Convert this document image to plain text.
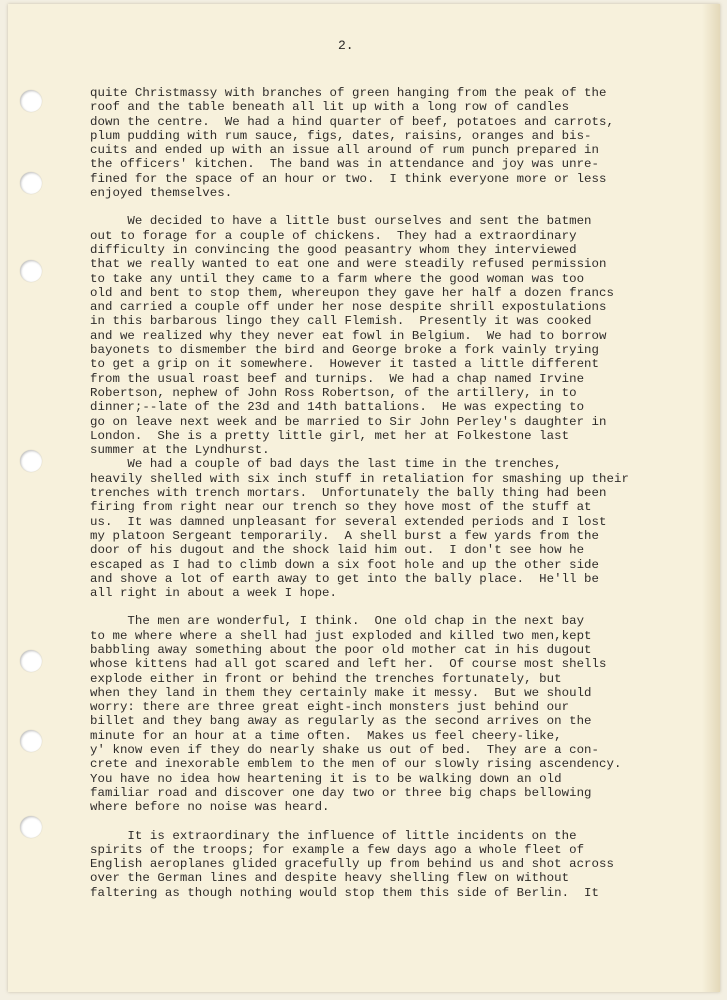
2.
quite Christmassy with branches of green hanging from the peak of the
roof and the table beneath all lit up with a long row of candles
down the centre.  We had a hind quarter of beef, potatoes and carrots,
plum pudding with rum sauce, figs, dates, raisins, oranges and bis-
cuits and ended up with an issue all around of rum punch prepared in
the officers' kitchen.  The band was in attendance and joy was unre-
fined for the space of an hour or two.  I think everyone more or less
enjoyed themselves.
We decided to have a little bust ourselves and sent the batmen
out to forage for a couple of chickens.  They had a extraordinary
difficulty in convincing the good peasantry whom they interviewed
that we really wanted to eat one and were steadily refused permission
to take any until they came to a farm where the good woman was too
old and bent to stop them, whereupon they gave her half a dozen francs
and carried a couple off under her nose despite shrill expostulations
in this barbarous lingo they call Flemish.  Presently it was cooked
and we realized why they never eat fowl in Belgium.  We had to borrow
bayonets to dismember the bird and George broke a fork vainly trying
to get a grip on it somewhere.  However it tasted a little different
from the usual roast beef and turnips.  We had a chap named Irvine
Robertson, nephew of John Ross Robertson, of the artillery, in to
dinner;--late of the 23d and 14th battalions.  He was expecting to
go on leave next week and be married to Sir John Perley's daughter in
London.  She is a pretty little girl, met her at Folkestone last
summer at the Lyndhurst.
We had a couple of bad days the last time in the trenches,
heavily shelled with six inch stuff in retaliation for smashing up their
trenches with trench mortars.  Unfortunately the bally thing had been
firing from right near our trench so they hove most of the stuff at
us.  It was damned unpleasant for several extended periods and I lost
my platoon Sergeant temporarily.  A shell burst a few yards from the
door of his dugout and the shock laid him out.  I don't see how he
escaped as I had to climb down a six foot hole and up the other side
and shove a lot of earth away to get into the bally place.  He'll be
all right in about a week I hope.
The men are wonderful, I think.  One old chap in the next bay
to me where where a shell had just exploded and killed two men,kept
babbling away something about the poor old mother cat in his dugout
whose kittens had all got scared and left her.  Of course most shells
explode either in front or behind the trenches fortunately, but
when they land in them they certainly make it messy.  But we should
worry: there are three great eight-inch monsters just behind our
billet and they bang away as regularly as the second arrives on the
minute for an hour at a time often.  Makes us feel cheery-like,
y' know even if they do nearly shake us out of bed.  They are a con-
crete and inexorable emblem to the men of our slowly rising ascendency.
You have no idea how heartening it is to be walking down an old
familiar road and discover one day two or three big chaps bellowing
where before no noise was heard.
It is extraordinary the influence of little incidents on the
spirits of the troops; for example a few days ago a whole fleet of
English aeroplanes glided gracefully up from behind us and shot across
over the German lines and despite heavy shelling flew on without
faltering as though nothing would stop them this side of Berlin.  It
